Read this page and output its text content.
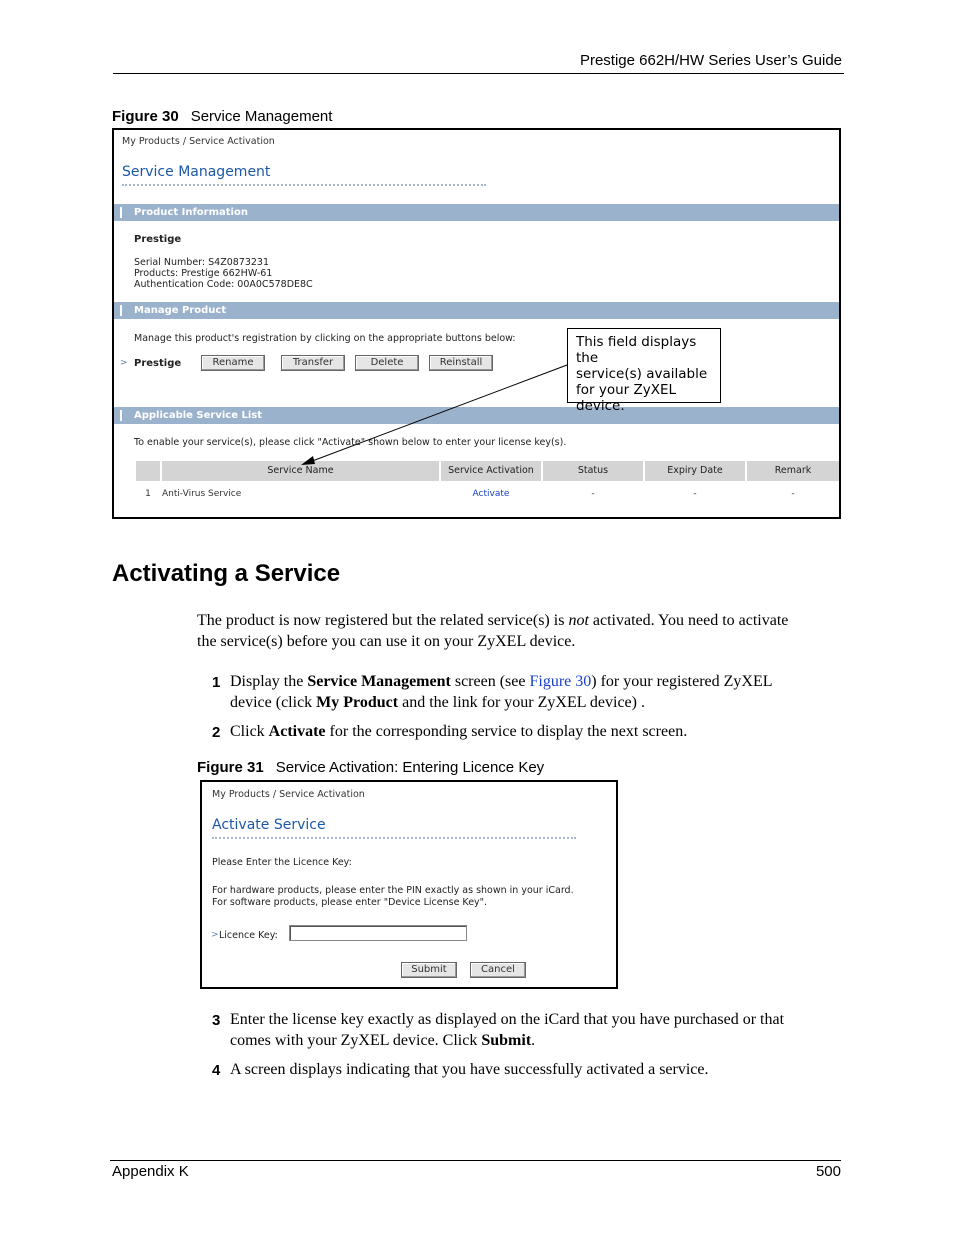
Prestige 662H/HW Series User’s Guide
Figure 30 Service Management
My Products / Service Activation
Service Management
Product Information
Prestige
Serial Number: S4Z0873231
Products: Prestige 662HW-61
Authentication Code: 00A0C578DE8C
Manage Product
Manage this product's registration by clicking on the appropriate buttons below:
> Prestige	Rename	Transfer	Delete	Reinstall
Applicable Service List
To enable your service(s), please click "Activate" shown below to enter your license key(s).
Service Name	Service Activation	Status	Expiry Date	Remark
1	Anti-Virus Service	Activate	-	-	-
This field displays the
service(s) available
for your ZyXEL
device.
Activating a Service
The product is now registered but the related service(s) is not activated. You need to activate
the service(s) before you can use it on your ZyXEL device.
1 Display the Service Management screen (see Figure 30) for your registered ZyXEL
device (click My Product and the link for your ZyXEL device) .
2 Click Activate for the corresponding service to display the next screen.
Figure 31 Service Activation: Entering Licence Key
My Products / Service Activation
Activate Service
Please Enter the Licence Key:
For hardware products, please enter the PIN exactly as shown in your iCard.
For software products, please enter "Device License Key".
> Licence Key:
Submit	Cancel
3 Enter the license key exactly as displayed on the iCard that you have purchased or that
comes with your ZyXEL device. Click Submit.
4 A screen displays indicating that you have successfully activated a service.
Appendix K	500
